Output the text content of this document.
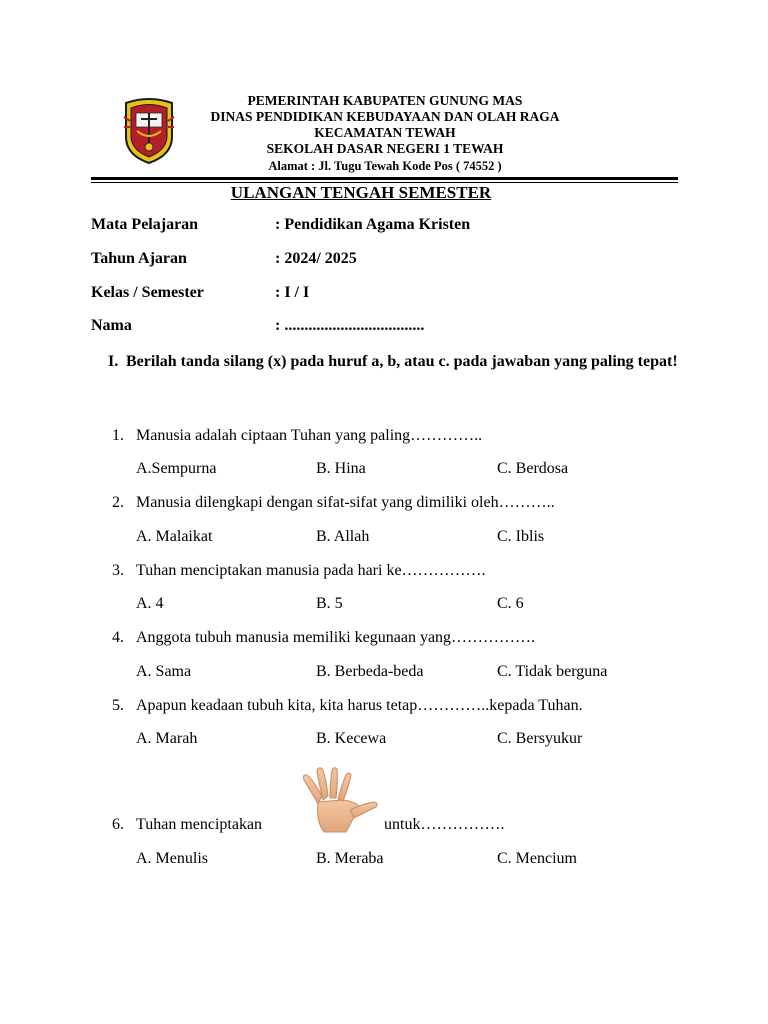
PEMERINTAH KABUPATEN GUNUNG MAS
DINAS PENDIDIKAN KEBUDAYAAN DAN OLAH RAGA
KECAMATAN TEWAH
SEKOLAH DASAR NEGERI 1 TEWAH
Alamat : Jl. Tugu Tewah Kode Pos ( 74552 )
ULANGAN TENGAH SEMESTER
Mata Pelajaran	: Pendidikan Agama Kristen
Tahun Ajaran	: 2024/ 2025
Kelas / Semester	: I / I
Nama	: ...................................
I. Berilah tanda silang (x) pada huruf a, b, atau c. pada jawaban yang paling tepat!
1. Manusia adalah ciptaan Tuhan yang paling…………..
A.Sempurna	B. Hina	C. Berdosa
2. Manusia dilengkapi dengan sifat-sifat yang dimiliki oleh………..
A. Malaikat	B. Allah	C. Iblis
3. Tuhan menciptakan manusia pada hari ke…………….
A. 4	B. 5	C. 6
4. Anggota tubuh manusia memiliki kegunaan yang…………….
A. Sama	B. Berbeda-beda	C. Tidak berguna
5. Apapun keadaan tubuh kita, kita harus tetap…………..kepada Tuhan.
A. Marah	B. Kecewa	C. Bersyukur
6. Tuhan menciptakan	untuk…………….
A. Menulis	B. Meraba	C. Mencium
